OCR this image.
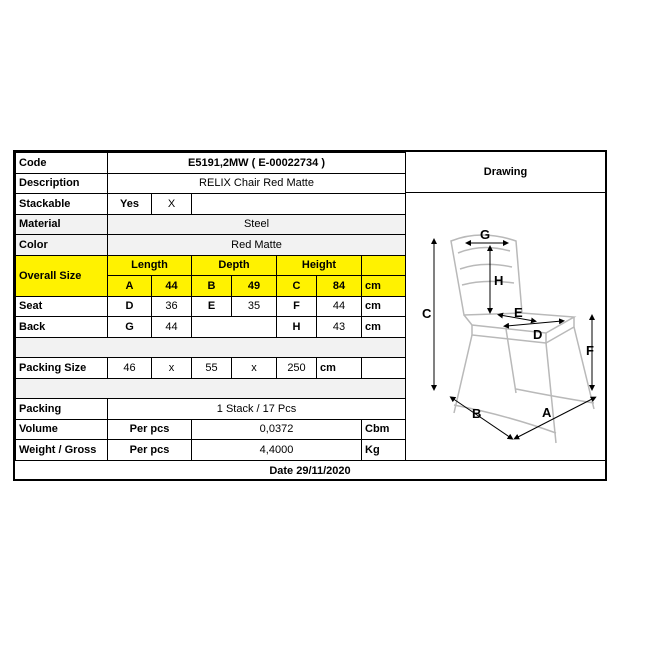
Code	E5191,2MW ( E-00022734 )						
Description	RELIX Chair Red Matte						
Stackable	Yes	X					
Material	Steel						
Color	Red Matte						
Overall Size	Length		Depth		Height		
	A	44	B	49	C	84	cm
Seat	D	36	E	35	F	44	cm
Back	G	44			H	43	cm

Packing Size	46	x	55	x	250	cm	

Packing	1 Stack / 17 Pcs						
Volume	Per pcs		0,0372				Cbm
Weight / Gross	Per pcs		4,4000				Kg
Drawing
C
G
H
E
D
F
B	A
Date 29/11/2020
